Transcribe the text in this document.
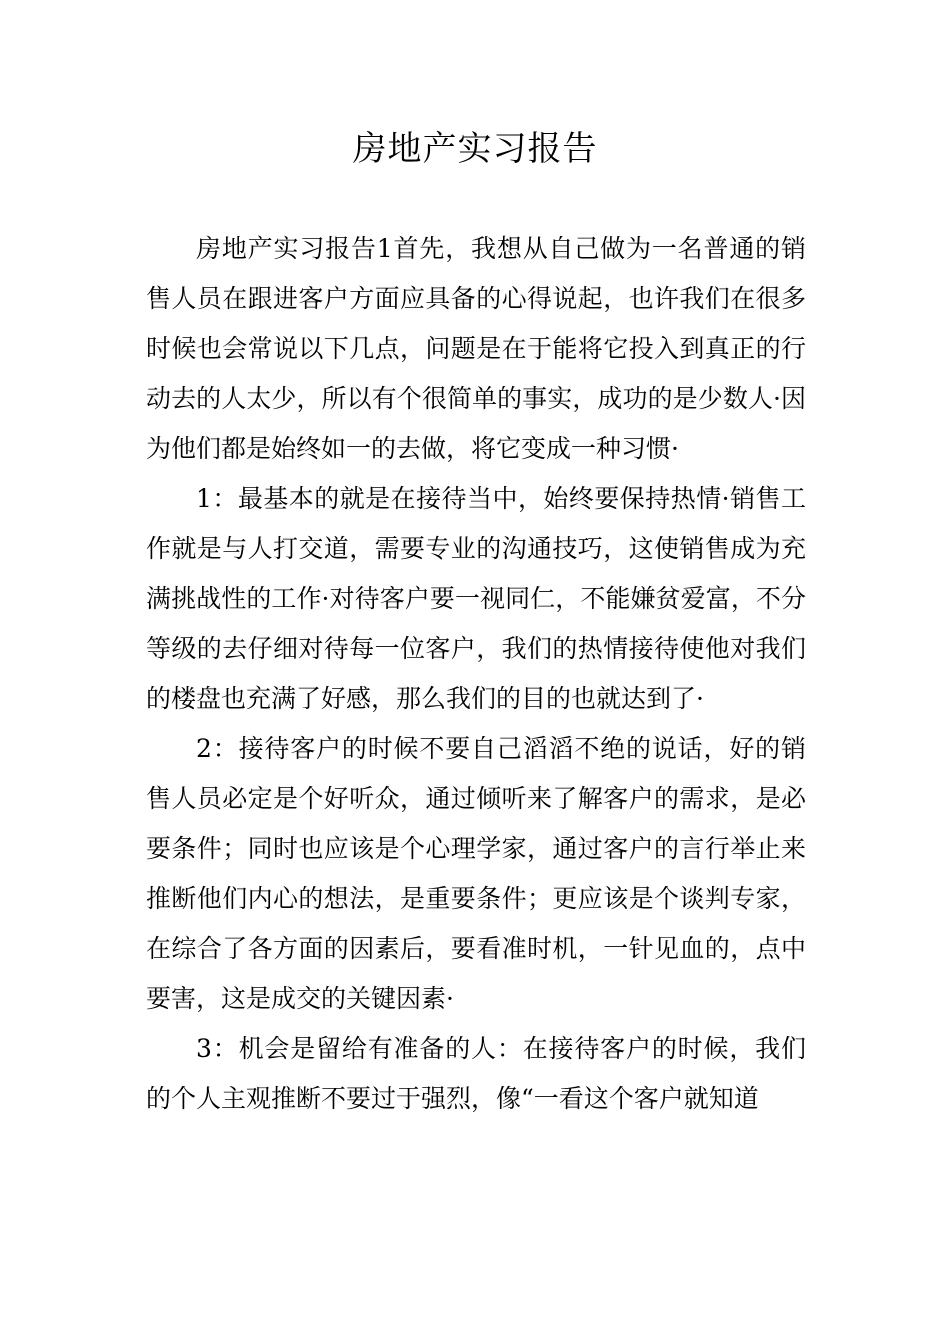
房地产实习报告

房地产实习报告1首先，我想从自己做为一名普通的销售人员在跟进客户方面应具备的心得说起，也许我们在很多时候也会常说以下几点，问题是在于能将它投入到真正的行动去的人太少，所以有个很简单的事实，成功的是少数人·因为他们都是始终如一的去做，将它变成一种习惯·

1：最基本的就是在接待当中，始终要保持热情·销售工作就是与人打交道，需要专业的沟通技巧，这使销售成为充满挑战性的工作·对待客户要一视同仁，不能嫌贫爱富，不分等级的去仔细对待每一位客户，我们的热情接待使他对我们的楼盘也充满了好感，那么我们的目的也就达到了·

2：接待客户的时候不要自己滔滔不绝的说话，好的销售人员必定是个好听众，通过倾听来了解客户的需求，是必要条件；同时也应该是个心理学家，通过客户的言行举止来推断他们内心的想法，是重要条件；更应该是个谈判专家，在综合了各方面的因素后，要看准时机，一针见血的，点中要害，这是成交的关键因素·

3：机会是留给有准备的人：在接待客户的时候，我们的个人主观推断不要过于强烈，像“一看这个客户就知道
